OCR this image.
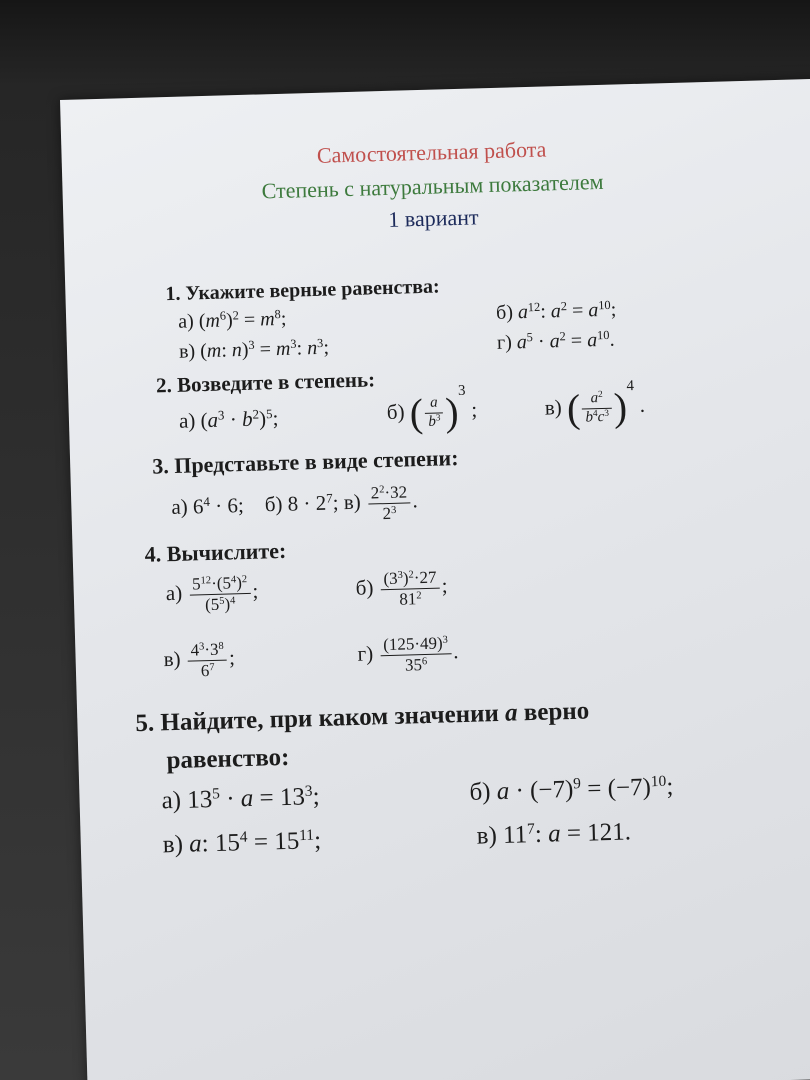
Самостоятельная работа
Степень с натуральным показателем
1 вариант
1. Укажите верные равенства:
а) $(m^6)^2 = m^8$;	б) $a^{12}$: $a^2 = a^{10}$;
в) (m: $n)^3 = m^3$: $n^3$;	г) $a^5 \cdot a^2 = a^{10}$.
2. Возведите в степень:
а) $(a^3 \cdot b^2)^5$;	б) ( $\frac{a}{b^3} )^3$ ;	в) ( $\frac{a^2}{b^4c^3} )^4$ .
3. Представьте в виде степени:
а) $6^4 \cdot 6$; б) $8 \cdot 2^7$; $в) \frac{2^2\cdot 32}{2^3}$ .
4. Вычислите:
$а) \frac{5^{12}\cdot(5^4)^2}{(5^5)^4}$ ;	$б) \frac{(3^3)^2\cdot 27}{81^2}$ ;
$в) \frac{4^3\cdot 3^8}{6^7}$ ;	$г) \frac{(125\cdot 49)^3}{35^6}$ .
5. Найдите, при каком значении a верно
равенство:
а) $13^5 \cdot a = 13^3$;	б) $a \cdot (-7)^9 = (-7)^{10}$;
в) a: $15^4 = 15^{11}$;	в) $11^7$: a = 121.
